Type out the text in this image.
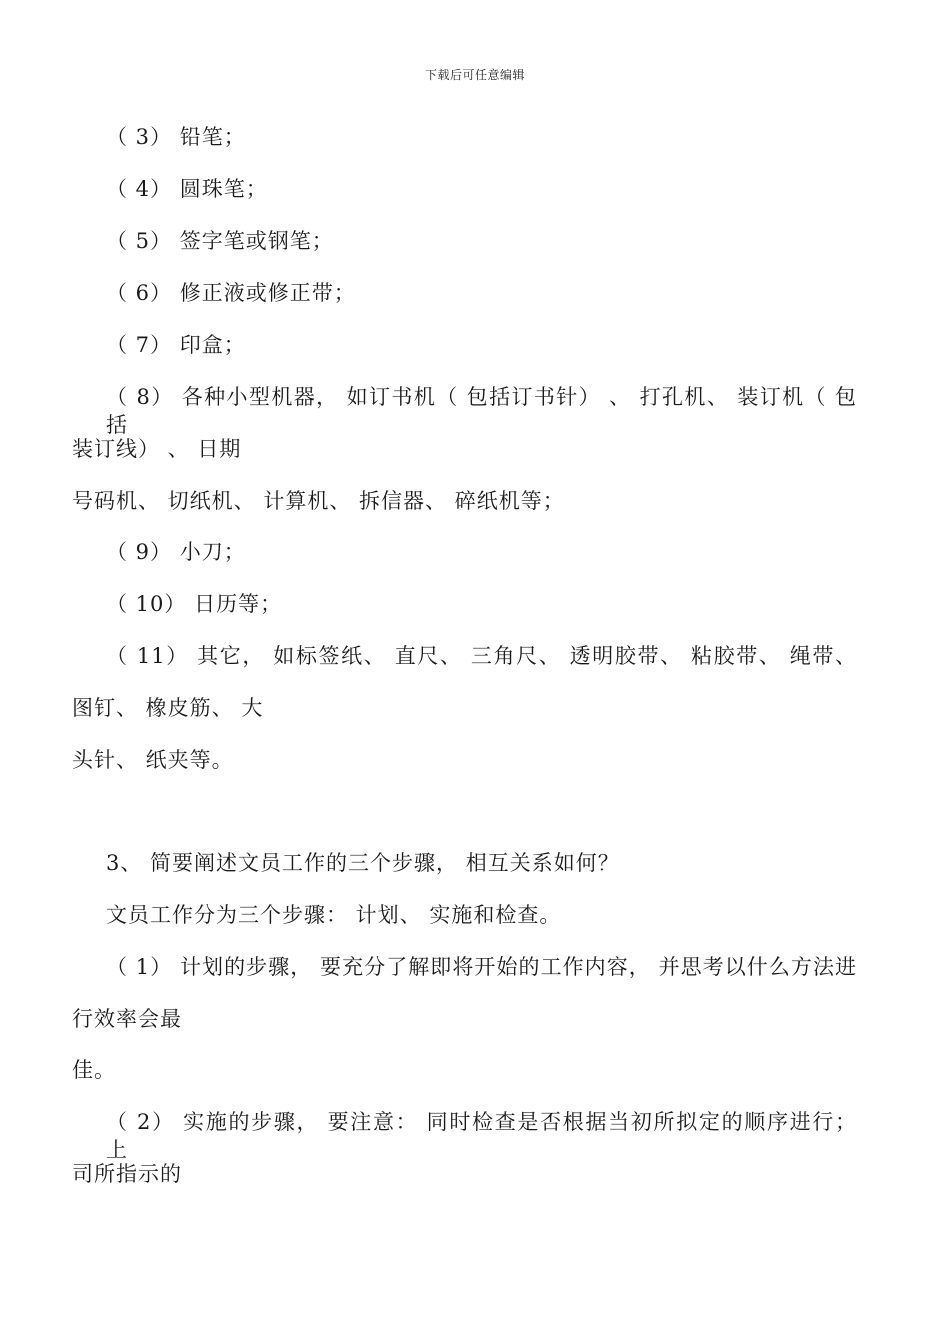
下载后可任意编辑
（ 3） 铅笔；
（ 4） 圆珠笔；
（ 5） 签字笔或钢笔；
（ 6） 修正液或修正带；
（ 7） 印盒；
（ 8） 各种小型机器， 如订书机（ 包括订书针） 、 打孔机、 装订机（ 包括
装订线） 、 日期
号码机、 切纸机、 计算机、 拆信器、 碎纸机等；
（ 9） 小刀；
（ 10） 日历等；
（ 11） 其它， 如标签纸、 直尺、 三角尺、 透明胶带、 粘胶带、 绳带、
图钉、 橡皮筋、 大
头针、 纸夹等。
3、 简要阐述文员工作的三个步骤， 相互关系如何？
文员工作分为三个步骤： 计划、 实施和检查。
（ 1） 计划的步骤， 要充分了解即将开始的工作内容， 并思考以什么方法进
行效率会最
佳。
（ 2） 实施的步骤， 要注意： 同时检查是否根据当初所拟定的顺序进行； 上
司所指示的
